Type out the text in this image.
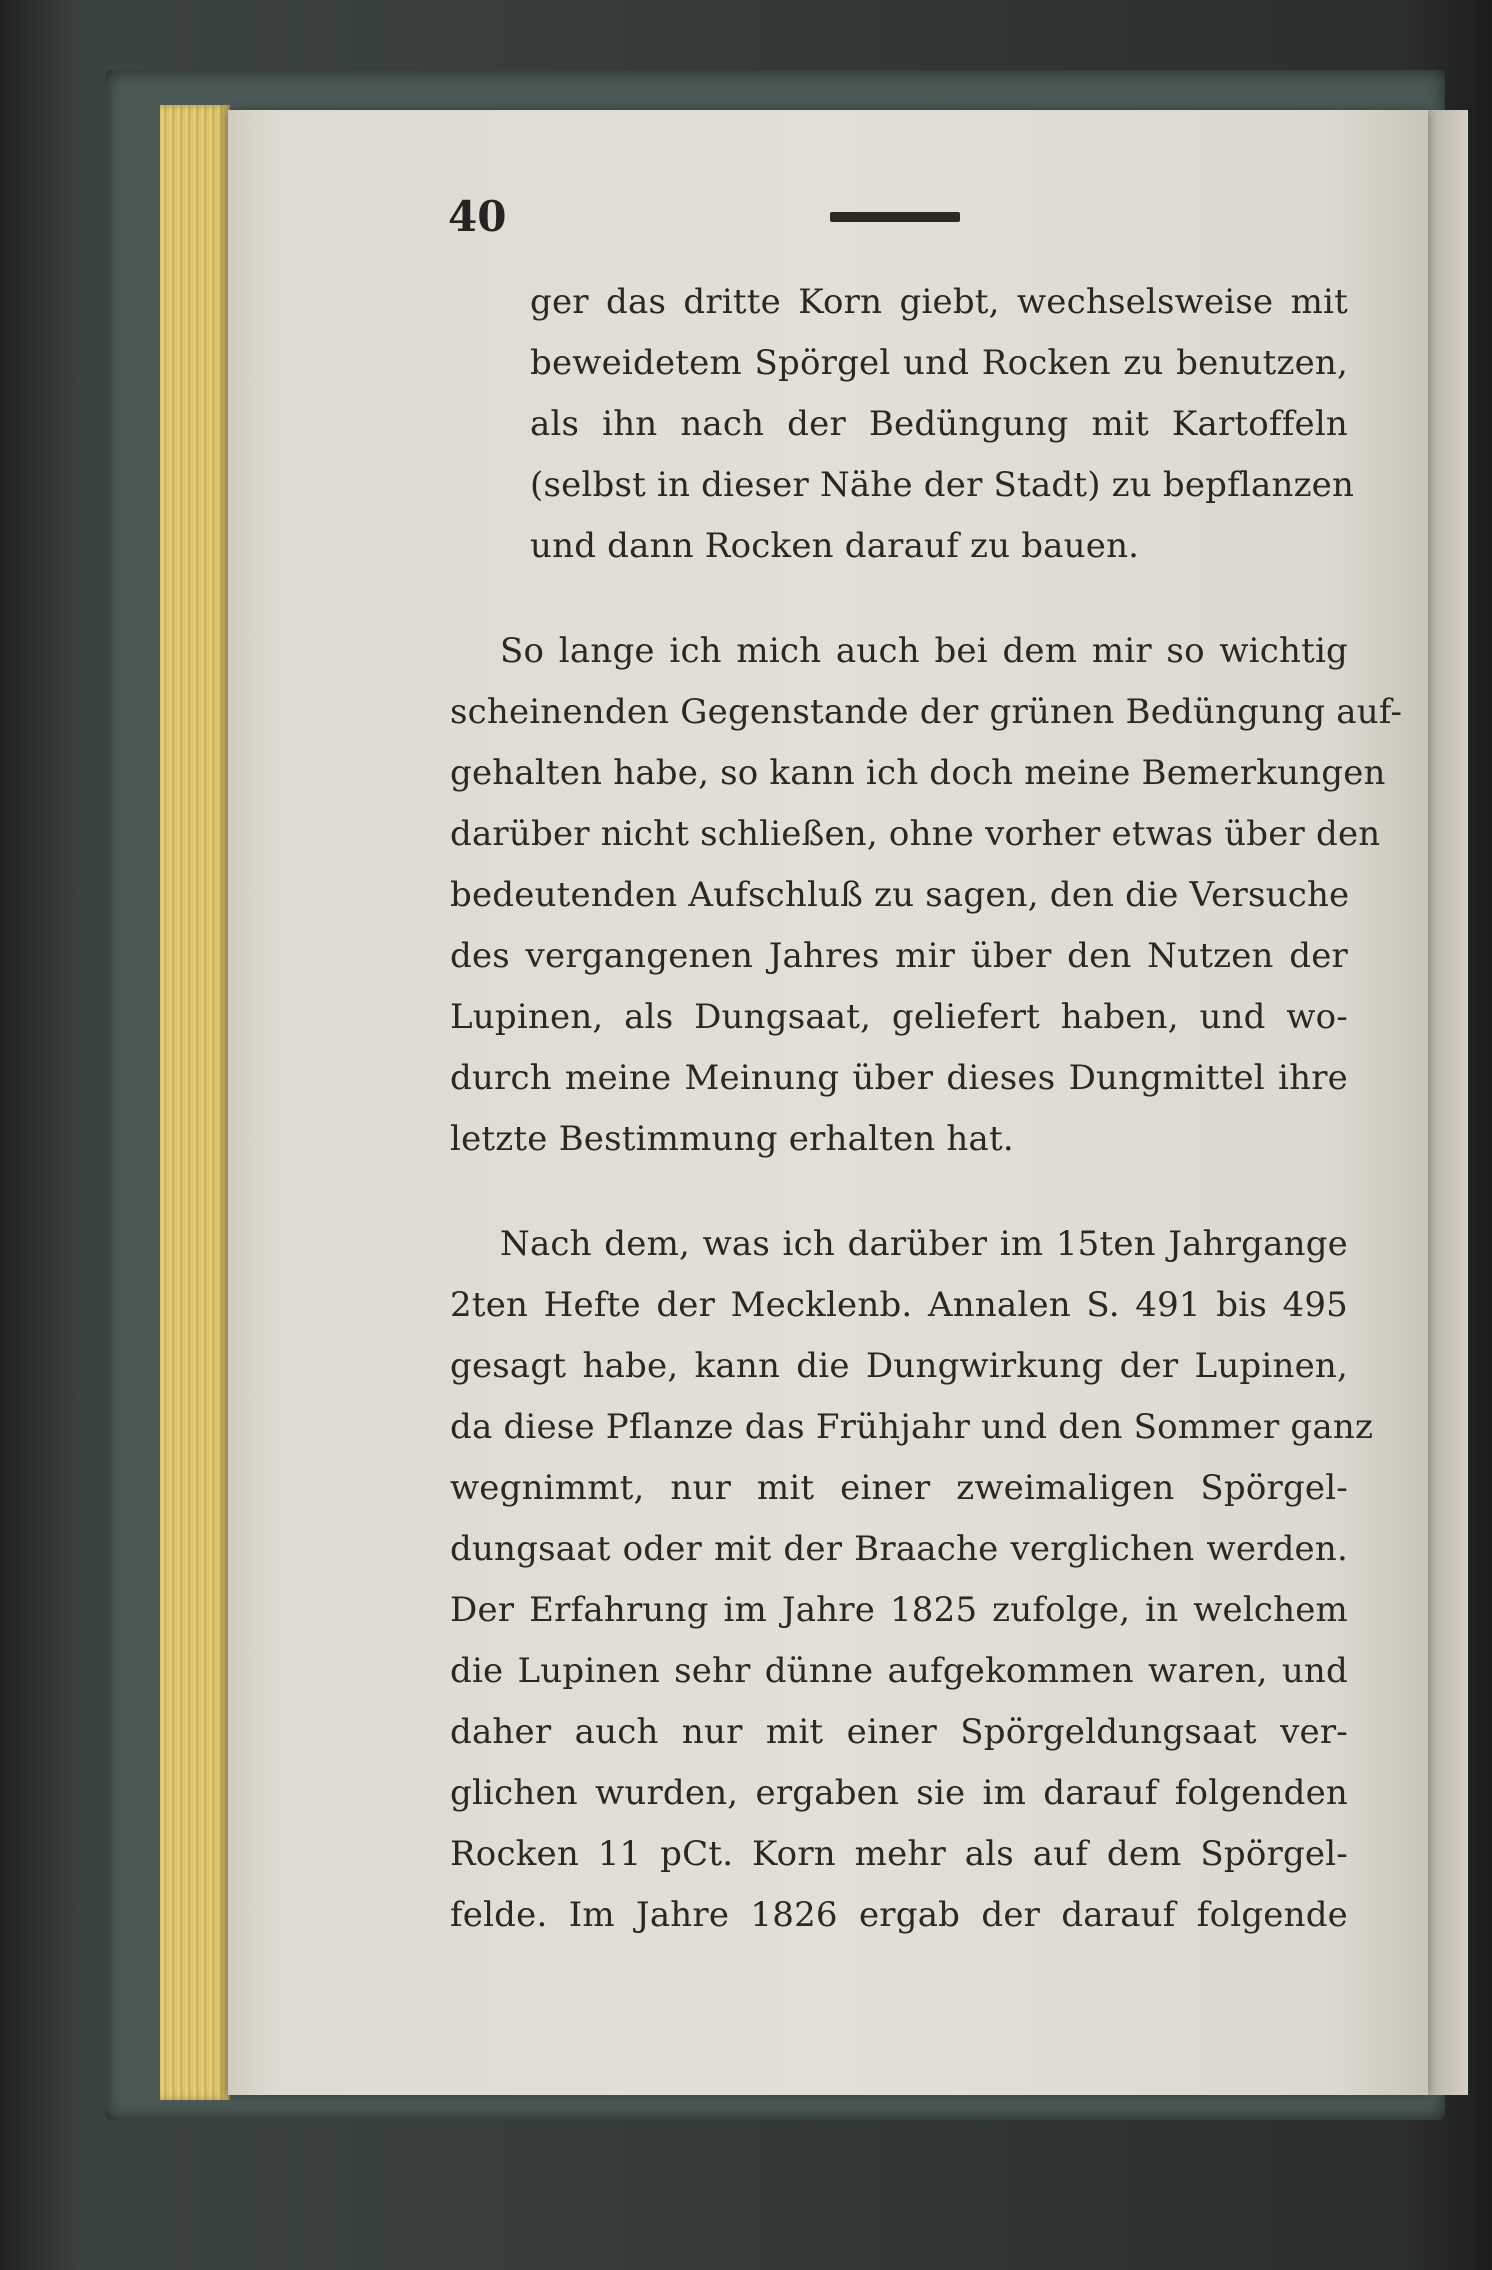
40
ger das dritte Korn giebt, wechselsweise mit
beweidetem Spörgel und Rocken zu benutzen,
als ihn nach der Bedüngung mit Kartoffeln
(selbst in dieser Nähe der Stadt) zu bepflanzen
und dann Rocken darauf zu bauen.
So lange ich mich auch bei dem mir so wichtig
scheinenden Gegenstande der grünen Bedüngung auf-
gehalten habe, so kann ich doch meine Bemerkungen
darüber nicht schließen, ohne vorher etwas über den
bedeutenden Aufschluß zu sagen, den die Versuche
des vergangenen Jahres mir über den Nutzen der
Lupinen, als Dungsaat, geliefert haben, und wo-
durch meine Meinung über dieses Dungmittel ihre
letzte Bestimmung erhalten hat.
Nach dem, was ich darüber im 15ten Jahrgange
2ten Hefte der Mecklenb. Annalen S. 491 bis 495
gesagt habe, kann die Dungwirkung der Lupinen,
da diese Pflanze das Frühjahr und den Sommer ganz
wegnimmt, nur mit einer zweimaligen Spörgel-
dungsaat oder mit der Braache verglichen werden.
Der Erfahrung im Jahre 1825 zufolge, in welchem
die Lupinen sehr dünne aufgekommen waren, und
daher auch nur mit einer Spörgeldungsaat ver-
glichen wurden, ergaben sie im darauf folgenden
Rocken 11 pCt. Korn mehr als auf dem Spörgel-
felde. Im Jahre 1826 ergab der darauf folgende
